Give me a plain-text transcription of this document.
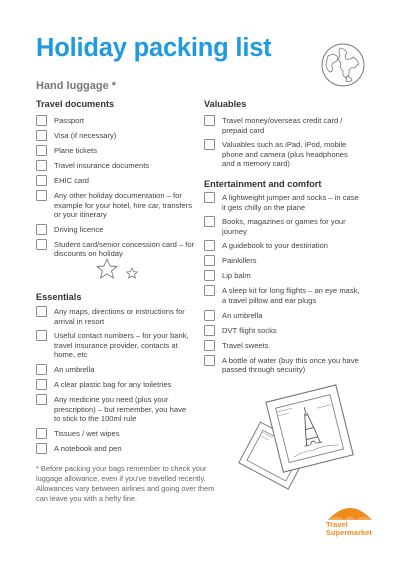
Holiday packing list
Hand luggage *
Travel documents
Passport
Visa (if necessary)
Plane tickets
Travel insurance documents
EHIC card
Any other holiday documentation – for example for your hotel, hire car, transfers or your itinerary
Driving licence
Student card/senior concession card – for discounts on holiday
Essentials
Any maps, directions or instructions for arrival in resort
Useful contact numbers – for your bank, travel insurance provider, contacts at home, etc
An umbrella
A clear plastic bag for any toiletries
Any medicine you need (plus your prescription) – but remember, you have to stick to the 100ml rule
Tissues / wet wipes
A notebook and pen
Valuables
Travel money/overseas credit card / prepaid card
Valuables such as iPad, iPod, mobile phone and camera (plus headphones and a memory card)
Entertainment and comfort
A lightweight jumper and socks – in case it gets chilly on the plane
Books, magazines or games for your journey
A guidebook to your destination
Painkillers
Lip balm
A sleep kit for long flights – an eye mask, a travel pillow and ear plugs
An umbrella
DVT flight socks
Travel sweets
A bottle of water (buy this once you have passed through security)
* Before packing your bags remember to check your luggage allowance, even if you've travelled recently. Allowances vary between airlines and going over them can leave you with a hefty fine.
Travel
Supermarket
